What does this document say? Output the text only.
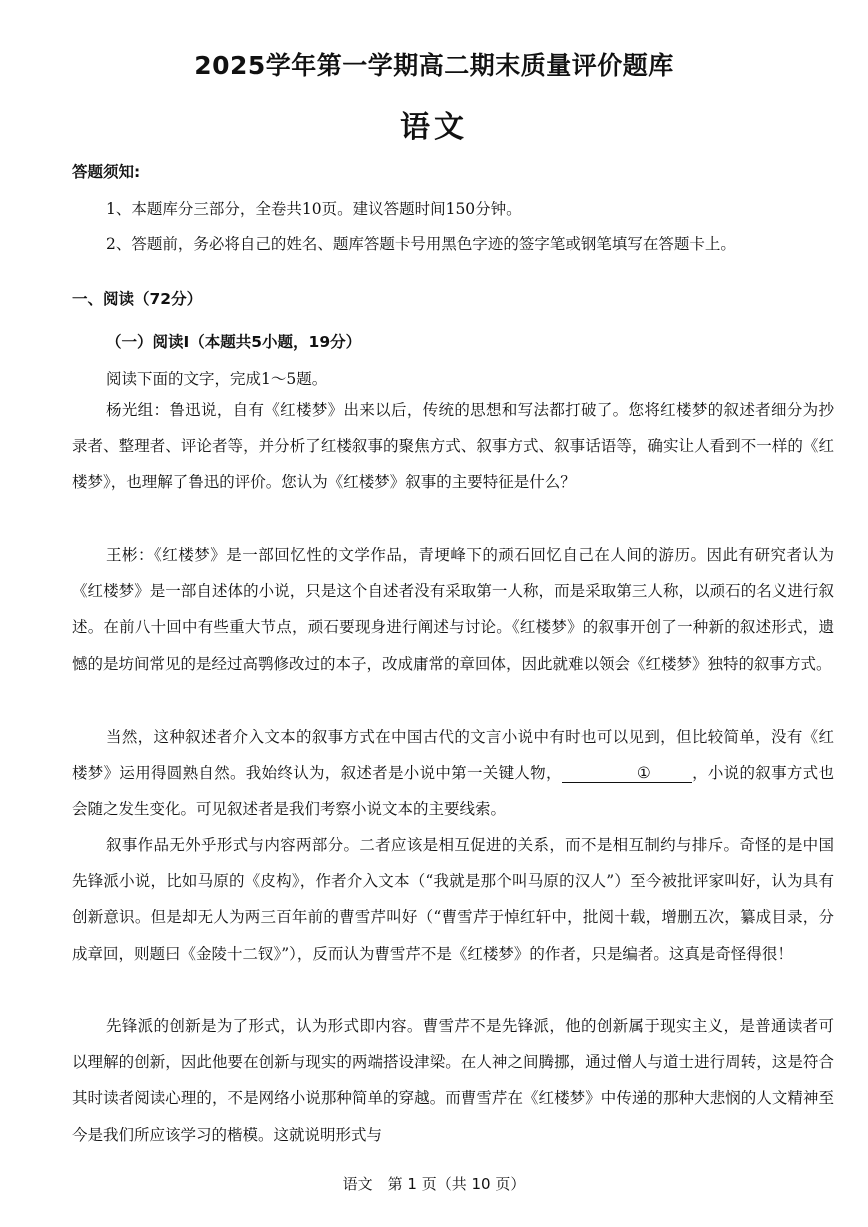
2025学年第一学期高二期末质量评价题库
语文
答题须知:
1、本题库分三部分，全卷共10页。建议答题时间150分钟。
2、答题前，务必将自己的姓名、题库答题卡号用黑色字迹的签字笔或钢笔填写在答题卡上。
一、阅读（72分）
（一）阅读Ⅰ（本题共5小题，19分）
阅读下面的文字，完成1～5题。
杨光组：鲁迅说，自有《红楼梦》出来以后，传统的思想和写法都打破了。您将红楼梦的叙述者细分为抄录者、整理者、评论者等，并分析了红楼叙事的聚焦方式、叙事方式、叙事话语等，确实让人看到不一样的《红楼梦》，也理解了鲁迅的评价。您认为《红楼梦》叙事的主要特征是什么？
王彬：《红楼梦》是一部回忆性的文学作品，青埂峰下的顽石回忆自己在人间的游历。因此有研究者认为《红楼梦》是一部自述体的小说，只是这个自述者没有采取第一人称，而是采取第三人称，以顽石的名义进行叙述。在前八十回中有些重大节点，顽石要现身进行阐述与讨论。《红楼梦》的叙事开创了一种新的叙述形式，遗憾的是坊间常见的是经过高鹗修改过的本子，改成庸常的章回体，因此就难以领会《红楼梦》独特的叙事方式。
当然，这种叙述者介入文本的叙事方式在中国古代的文言小说中有时也可以见到，但比较简单，没有《红楼梦》运用得圆熟自然。我始终认为，叙述者是小说中第一关键人物，	①	，小说的叙事方式也会随之发生变化。可见叙述者是我们考察小说文本的主要线索。
叙事作品无外乎形式与内容两部分。二者应该是相互促进的关系，而不是相互制约与排斥。奇怪的是中国先锋派小说，比如马原的《皮构》，作者介入文本（“我就是那个叫马原的汉人”）至今被批评家叫好，认为具有创新意识。但是却无人为两三百年前的曹雪芹叫好（“曹雪芹于悼红轩中，批阅十载，增删五次，纂成目录，分成章回，则题曰《金陵十二钗》”），反而认为曹雪芹不是《红楼梦》的作者，只是编者。这真是奇怪得很！
先锋派的创新是为了形式，认为形式即内容。曹雪芹不是先锋派，他的创新属于现实主义，是普通读者可以理解的创新，因此他要在创新与现实的两端搭设津梁。在人神之间腾挪，通过僧人与道士进行周转，这是符合其时读者阅读心理的，不是网络小说那种简单的穿越。而曹雪芹在《红楼梦》中传递的那种大悲悯的人文精神至今是我们所应该学习的楷模。这就说明形式与
语文　第 1 页（共 10 页）
